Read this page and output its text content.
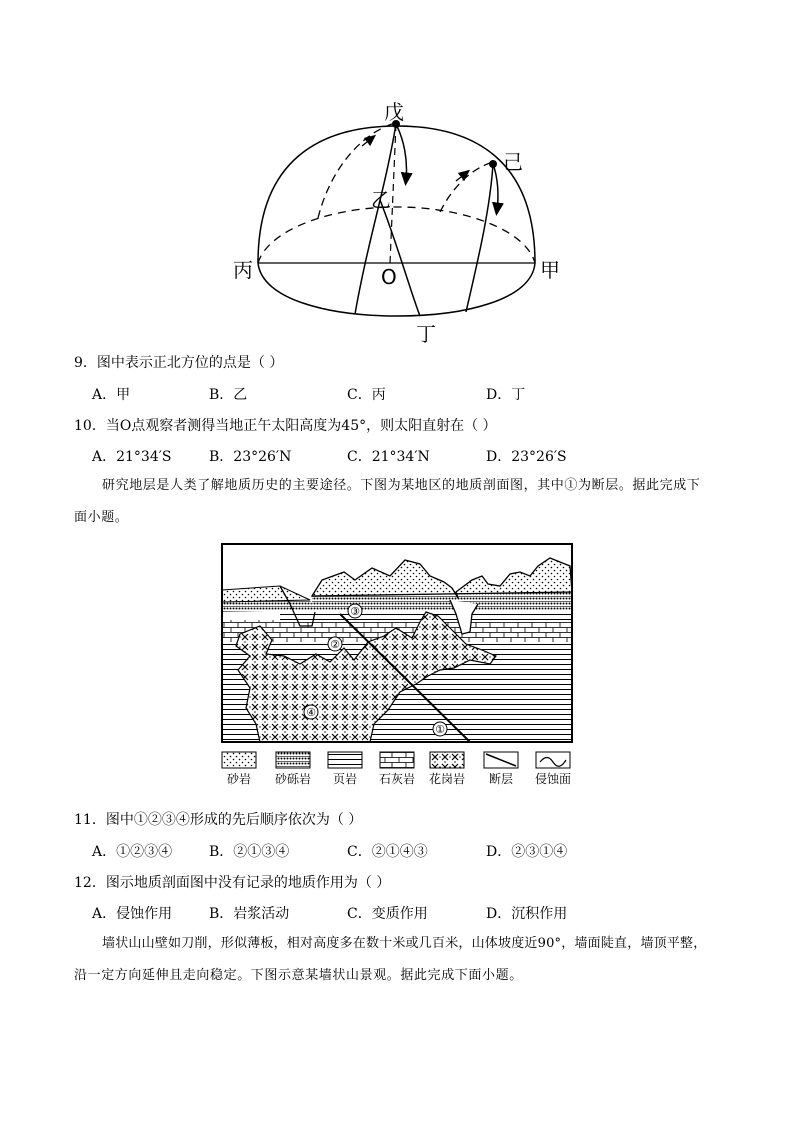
戊
己
乙
丙	甲
O
丁
9．图中表示正北方位的点是（ ）
A．甲	B．乙	C．丙	D．丁
10．当O点观察者测得当地正午太阳高度为45°，则太阳直射在（ ）
A．21°34′S	B．23°26′N	C．21°34′N	D．23°26′S
研究地层是人类了解地质历史的主要途径。下图为某地区的地质剖面图，其中①为断层。据此完成下
面小题。
③
②
④
①
砂岩	砂砾岩	页岩	石灰岩	花岗岩	断层	侵蚀面
11．图中①②③④形成的先后顺序依次为（ ）
A．①②③④	B．②①③④	C．②①④③	D．②③①④
12．图示地质剖面图中没有记录的地质作用为（ ）
A．侵蚀作用	B．岩浆活动	C．变质作用	D．沉积作用
墙状山山壁如刀削，形似薄板，相对高度多在数十米或几百米，山体坡度近90°，墙面陡直，墙顶平整，
沿一定方向延伸且走向稳定。下图示意某墙状山景观。据此完成下面小题。
